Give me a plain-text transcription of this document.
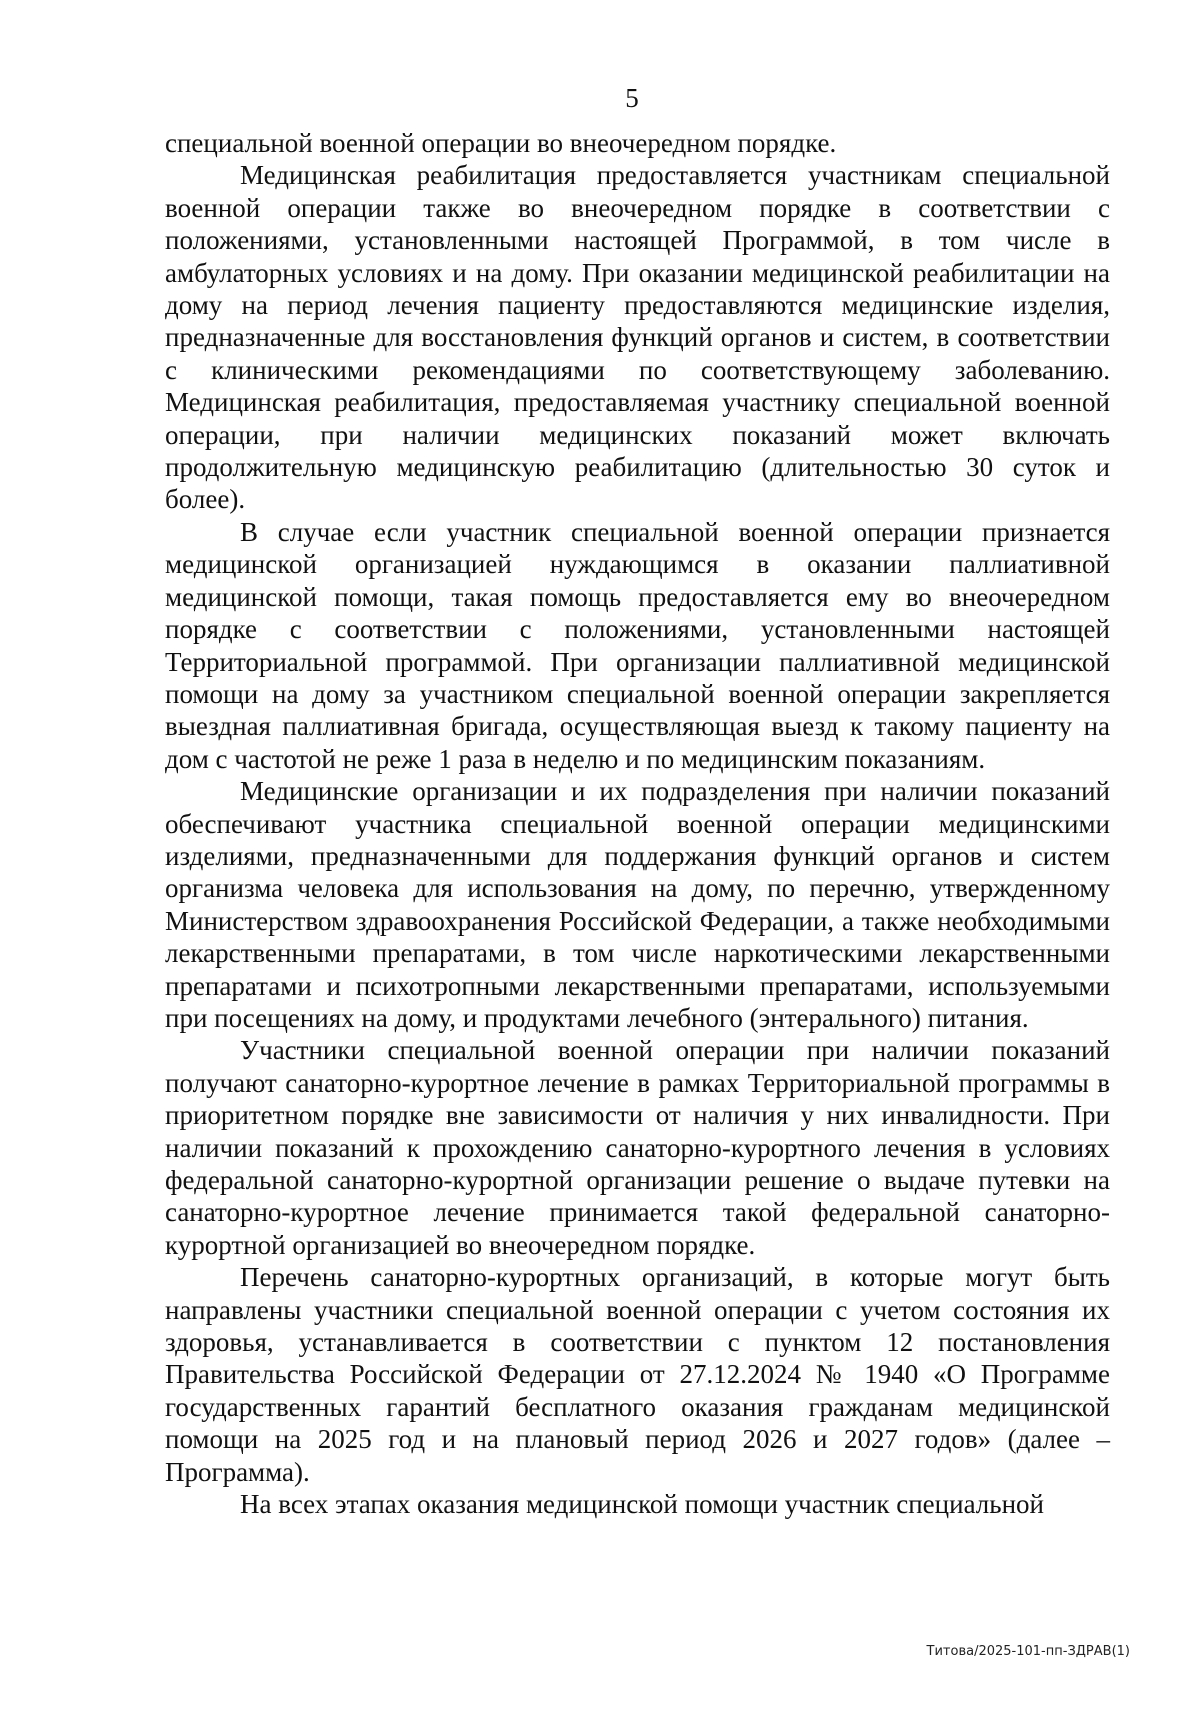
5

специальной военной операции во внеочередном порядке.

Медицинская реабилитация предоставляется участникам специальной военной операции также во внеочередном порядке в соответствии с положениями, установленными настоящей Программой, в том числе в амбулаторных условиях и на дому. При оказании медицинской реабилитации на дому на период лечения пациенту предоставляются медицинские изделия, предназначенные для восстановления функций органов и систем, в соответствии с клиническими рекомендациями по соответствующему заболеванию. Медицинская реабилитация, предоставляемая участнику специальной военной операции, при наличии медицинских показаний может включать продолжительную медицинскую реабилитацию (длительностью 30 суток и более).

В случае если участник специальной военной операции признается медицинской организацией нуждающимся в оказании паллиативной медицинской помощи, такая помощь предоставляется ему во внеочередном порядке с соответствии с положениями, установленными настоящей Территориальной программой. При организации паллиативной медицинской помощи на дому за участником специальной военной операции закрепляется выездная паллиативная бригада, осуществляющая выезд к такому пациенту на дом с частотой не реже 1 раза в неделю и по медицинским показаниям.

Медицинские организации и их подразделения при наличии показаний обеспечивают участника специальной военной операции медицинскими изделиями, предназначенными для поддержания функций органов и систем организма человека для использования на дому, по перечню, утвержденному Министерством здравоохранения Российской Федерации, а также необходимыми лекарственными препаратами, в том числе наркотическими лекарственными препаратами и психотропными лекарственными препаратами, используемыми при посещениях на дому, и продуктами лечебного (энтерального) питания.

Участники специальной военной операции при наличии показаний получают санаторно-курортное лечение в рамках Территориальной программы в приоритетном порядке вне зависимости от наличия у них инвалидности. При наличии показаний к прохождению санаторно-курортного лечения в условиях федеральной санаторно-курортной организации решение о выдаче путевки на санаторно-курортное лечение принимается такой федеральной санаторно-курортной организацией во внеочередном порядке.

Перечень санаторно-курортных организаций, в которые могут быть направлены участники специальной военной операции с учетом состояния их здоровья, устанавливается в соответствии с пунктом 12 постановления Правительства Российской Федерации от 27.12.2024 № 1940 «О Программе государственных гарантий бесплатного оказания гражданам медицинской помощи на 2025 год и на плановый период 2026 и 2027 годов» (далее – Программа).

На всех этапах оказания медицинской помощи участник специальной

Титова/2025-101-пп-ЗДРАВ(1)
